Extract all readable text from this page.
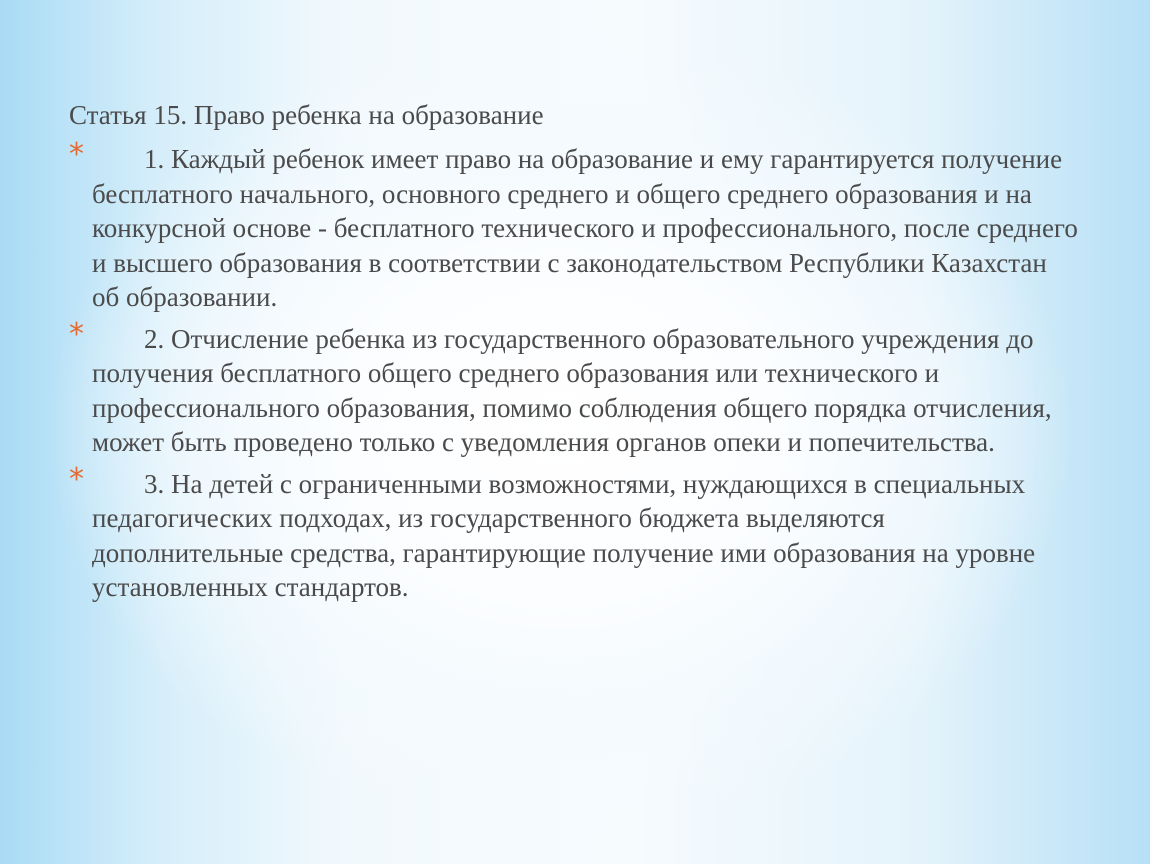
Статья 15. Право ребенка на образование
*	1. Каждый ребенок имеет право на образование и ему гарантируется получение бесплатного начального, основного среднего и общего среднего образования и на конкурсной основе - бесплатного технического и профессионального, после среднего и высшего образования в соответствии с законодательством Республики Казахстан об образовании.

*	2. Отчисление ребенка из государственного образовательного учреждения до получения бесплатного общего среднего образования или технического и профессионального образования, помимо соблюдения общего порядка отчисления, может быть проведено только с уведомления органов опеки и попечительства.

*	3. На детей с ограниченными возможностями, нуждающихся в специальных педагогических подходах, из государственного бюджета выделяются дополнительные средства, гарантирующие получение ими образования на уровне установленных стандартов.
